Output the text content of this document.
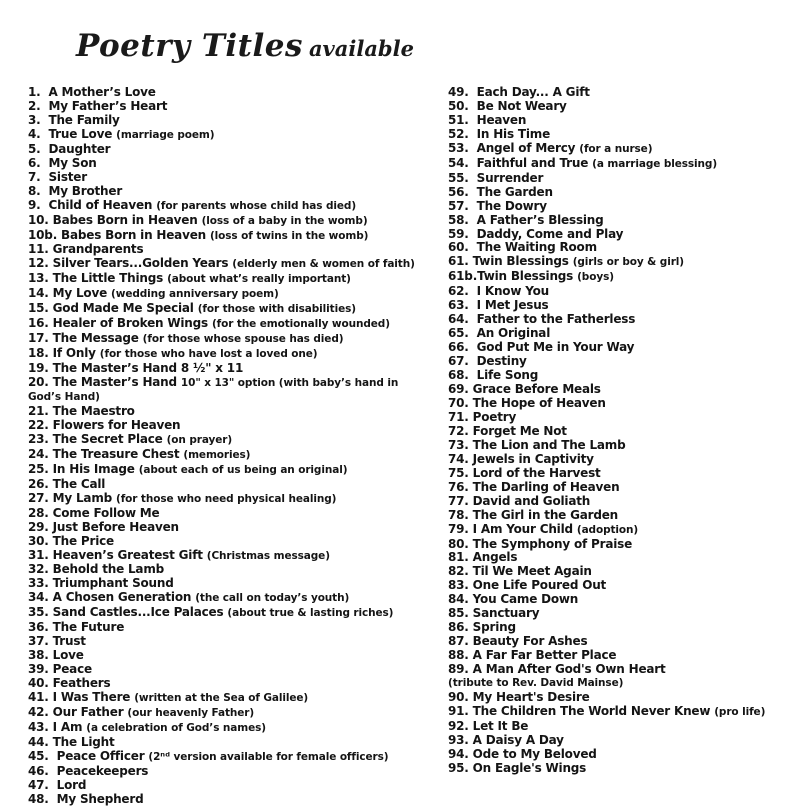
Poetry Titles available
1.  A Mother’s Love
2.  My Father’s Heart
3.  The Family
4.  True Love (marriage poem)
5.  Daughter
6.  My Son
7.  Sister
8.  My Brother
9.  Child of Heaven (for parents whose child has died)
10. Babes Born in Heaven (loss of a baby in the womb)
10b. Babes Born in Heaven (loss of twins in the womb)
11. Grandparents
12. Silver Tears...Golden Years (elderly men & women of faith)
13. The Little Things (about what’s really important)
14. My Love (wedding anniversary poem)
15. God Made Me Special (for those with disabilities)
16. Healer of Broken Wings (for the emotionally wounded)
17. The Message (for those whose spouse has died)
18. If Only (for those who have lost a loved one)
19. The Master’s Hand 8 ½" x 11
20. The Master’s Hand 10" x 13" option (with baby’s hand in
God’s Hand)
21. The Maestro
22. Flowers for Heaven
23. The Secret Place (on prayer)
24. The Treasure Chest (memories)
25. In His Image (about each of us being an original)
26. The Call
27. My Lamb (for those who need physical healing)
28. Come Follow Me
29. Just Before Heaven
30. The Price
31. Heaven’s Greatest Gift (Christmas message)
32. Behold the Lamb
33. Triumphant Sound
34. A Chosen Generation (the call on today’s youth)
35. Sand Castles...Ice Palaces (about true & lasting riches)
36. The Future
37. Trust
38. Love
39. Peace
40. Feathers
41. I Was There (written at the Sea of Galilee)
42. Our Father (our heavenly Father)
43. I Am (a celebration of God’s names)
44. The Light
45.  Peace Officer (2ⁿᵈ version available for female officers)
46.  Peacekeepers
47.  Lord
48.  My Shepherd
49.  Each Day... A Gift
50.  Be Not Weary
51.  Heaven
52.  In His Time
53.  Angel of Mercy (for a nurse)
54.  Faithful and True (a marriage blessing)
55.  Surrender
56.  The Garden
57.  The Dowry
58.  A Father’s Blessing
59.  Daddy, Come and Play
60.  The Waiting Room
61. Twin Blessings (girls or boy & girl)
61b.Twin Blessings (boys)
62.  I Know You
63.  I Met Jesus
64.  Father to the Fatherless
65.  An Original
66.  God Put Me in Your Way
67.  Destiny
68.  Life Song
69. Grace Before Meals
70. The Hope of Heaven
71. Poetry
72. Forget Me Not
73. The Lion and The Lamb
74. Jewels in Captivity
75. Lord of the Harvest
76. The Darling of Heaven
77. David and Goliath
78. The Girl in the Garden
79. I Am Your Child (adoption)
80. The Symphony of Praise
81. Angels
82. Til We Meet Again
83. One Life Poured Out
84. You Came Down
85. Sanctuary
86. Spring
87. Beauty For Ashes
88. A Far Far Better Place
89. A Man After God's Own Heart
(tribute to Rev. David Mainse)
90. My Heart's Desire
91. The Children The World Never Knew (pro life)
92. Let It Be
93. A Daisy A Day
94. Ode to My Beloved
95. On Eagle's Wings
